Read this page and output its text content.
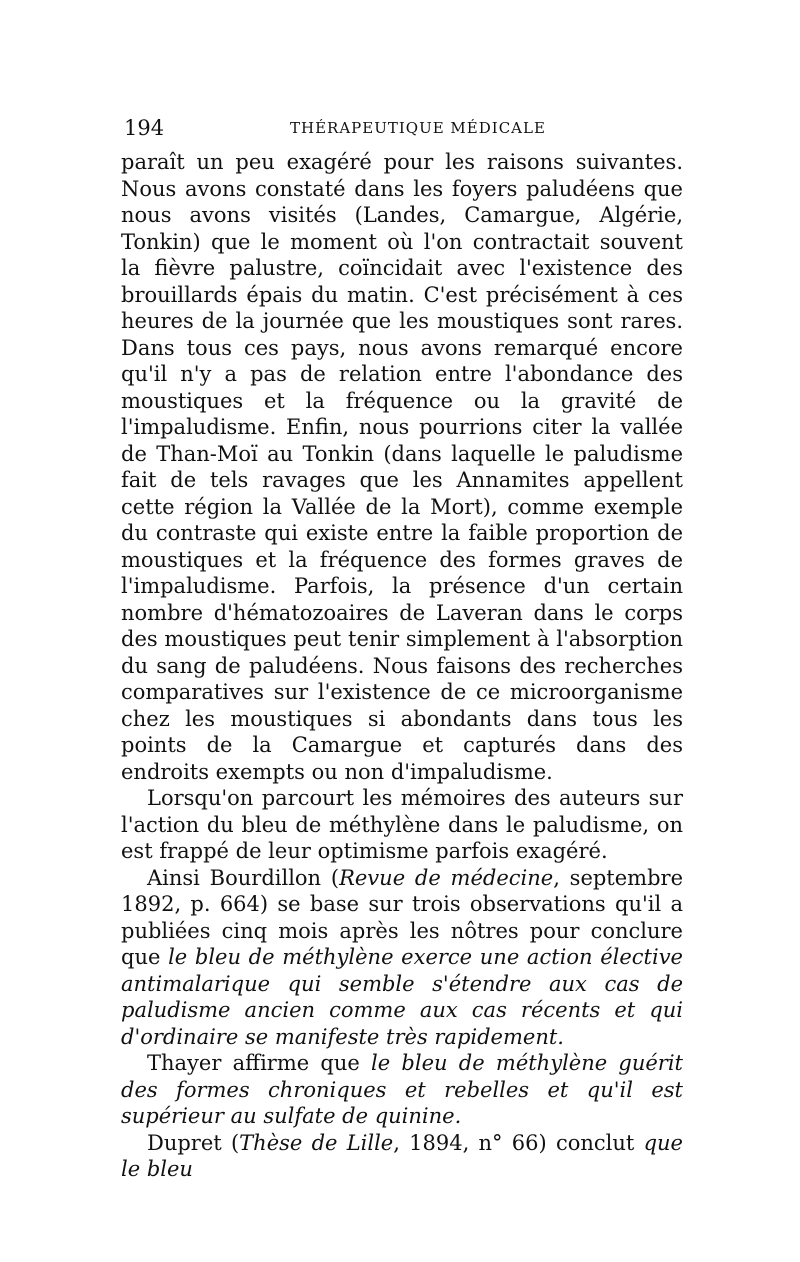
194	THÉRAPEUTIQUE MÉDICALE

paraît un peu exagéré pour les raisons suivantes. Nous avons constaté dans les foyers paludéens que nous avons visités (Landes, Camargue, Algérie, Tonkin) que le moment où l'on contractait souvent la fièvre palustre, coïncidait avec l'existence des brouillards épais du matin. C'est précisément à ces heures de la journée que les moustiques sont rares. Dans tous ces pays, nous avons remarqué encore qu'il n'y a pas de relation entre l'abondance des moustiques et la fréquence ou la gravité de l'impaludisme. Enfin, nous pourrions citer la vallée de Than-Moï au Tonkin (dans laquelle le paludisme fait de tels ravages que les Annamites appellent cette région la Vallée de la Mort), comme exemple du contraste qui existe entre la faible proportion de moustiques et la fréquence des formes graves de l'impaludisme. Parfois, la présence d'un certain nombre d'hématozoaires de Laveran dans le corps des moustiques peut tenir simplement à l'absorption du sang de paludéens. Nous faisons des recherches comparatives sur l'existence de ce microorganisme chez les moustiques si abondants dans tous les points de la Camargue et capturés dans des endroits exempts ou non d'impaludisme.

Lorsqu'on parcourt les mémoires des auteurs sur l'action du bleu de méthylène dans le paludisme, on est frappé de leur optimisme parfois exagéré.

Ainsi Bourdillon (Revue de médecine, septembre 1892, p. 664) se base sur trois observations qu'il a publiées cinq mois après les nôtres pour conclure que le bleu de méthylène exerce une action élective antimalarique qui semble s'étendre aux cas de paludisme ancien comme aux cas récents et qui d'ordinaire se manifeste très rapidement.

Thayer affirme que le bleu de méthylène guérit des formes chroniques et rebelles et qu'il est supérieur au sulfate de quinine.

Dupret (Thèse de Lille, 1894, n° 66) conclut que le bleu
